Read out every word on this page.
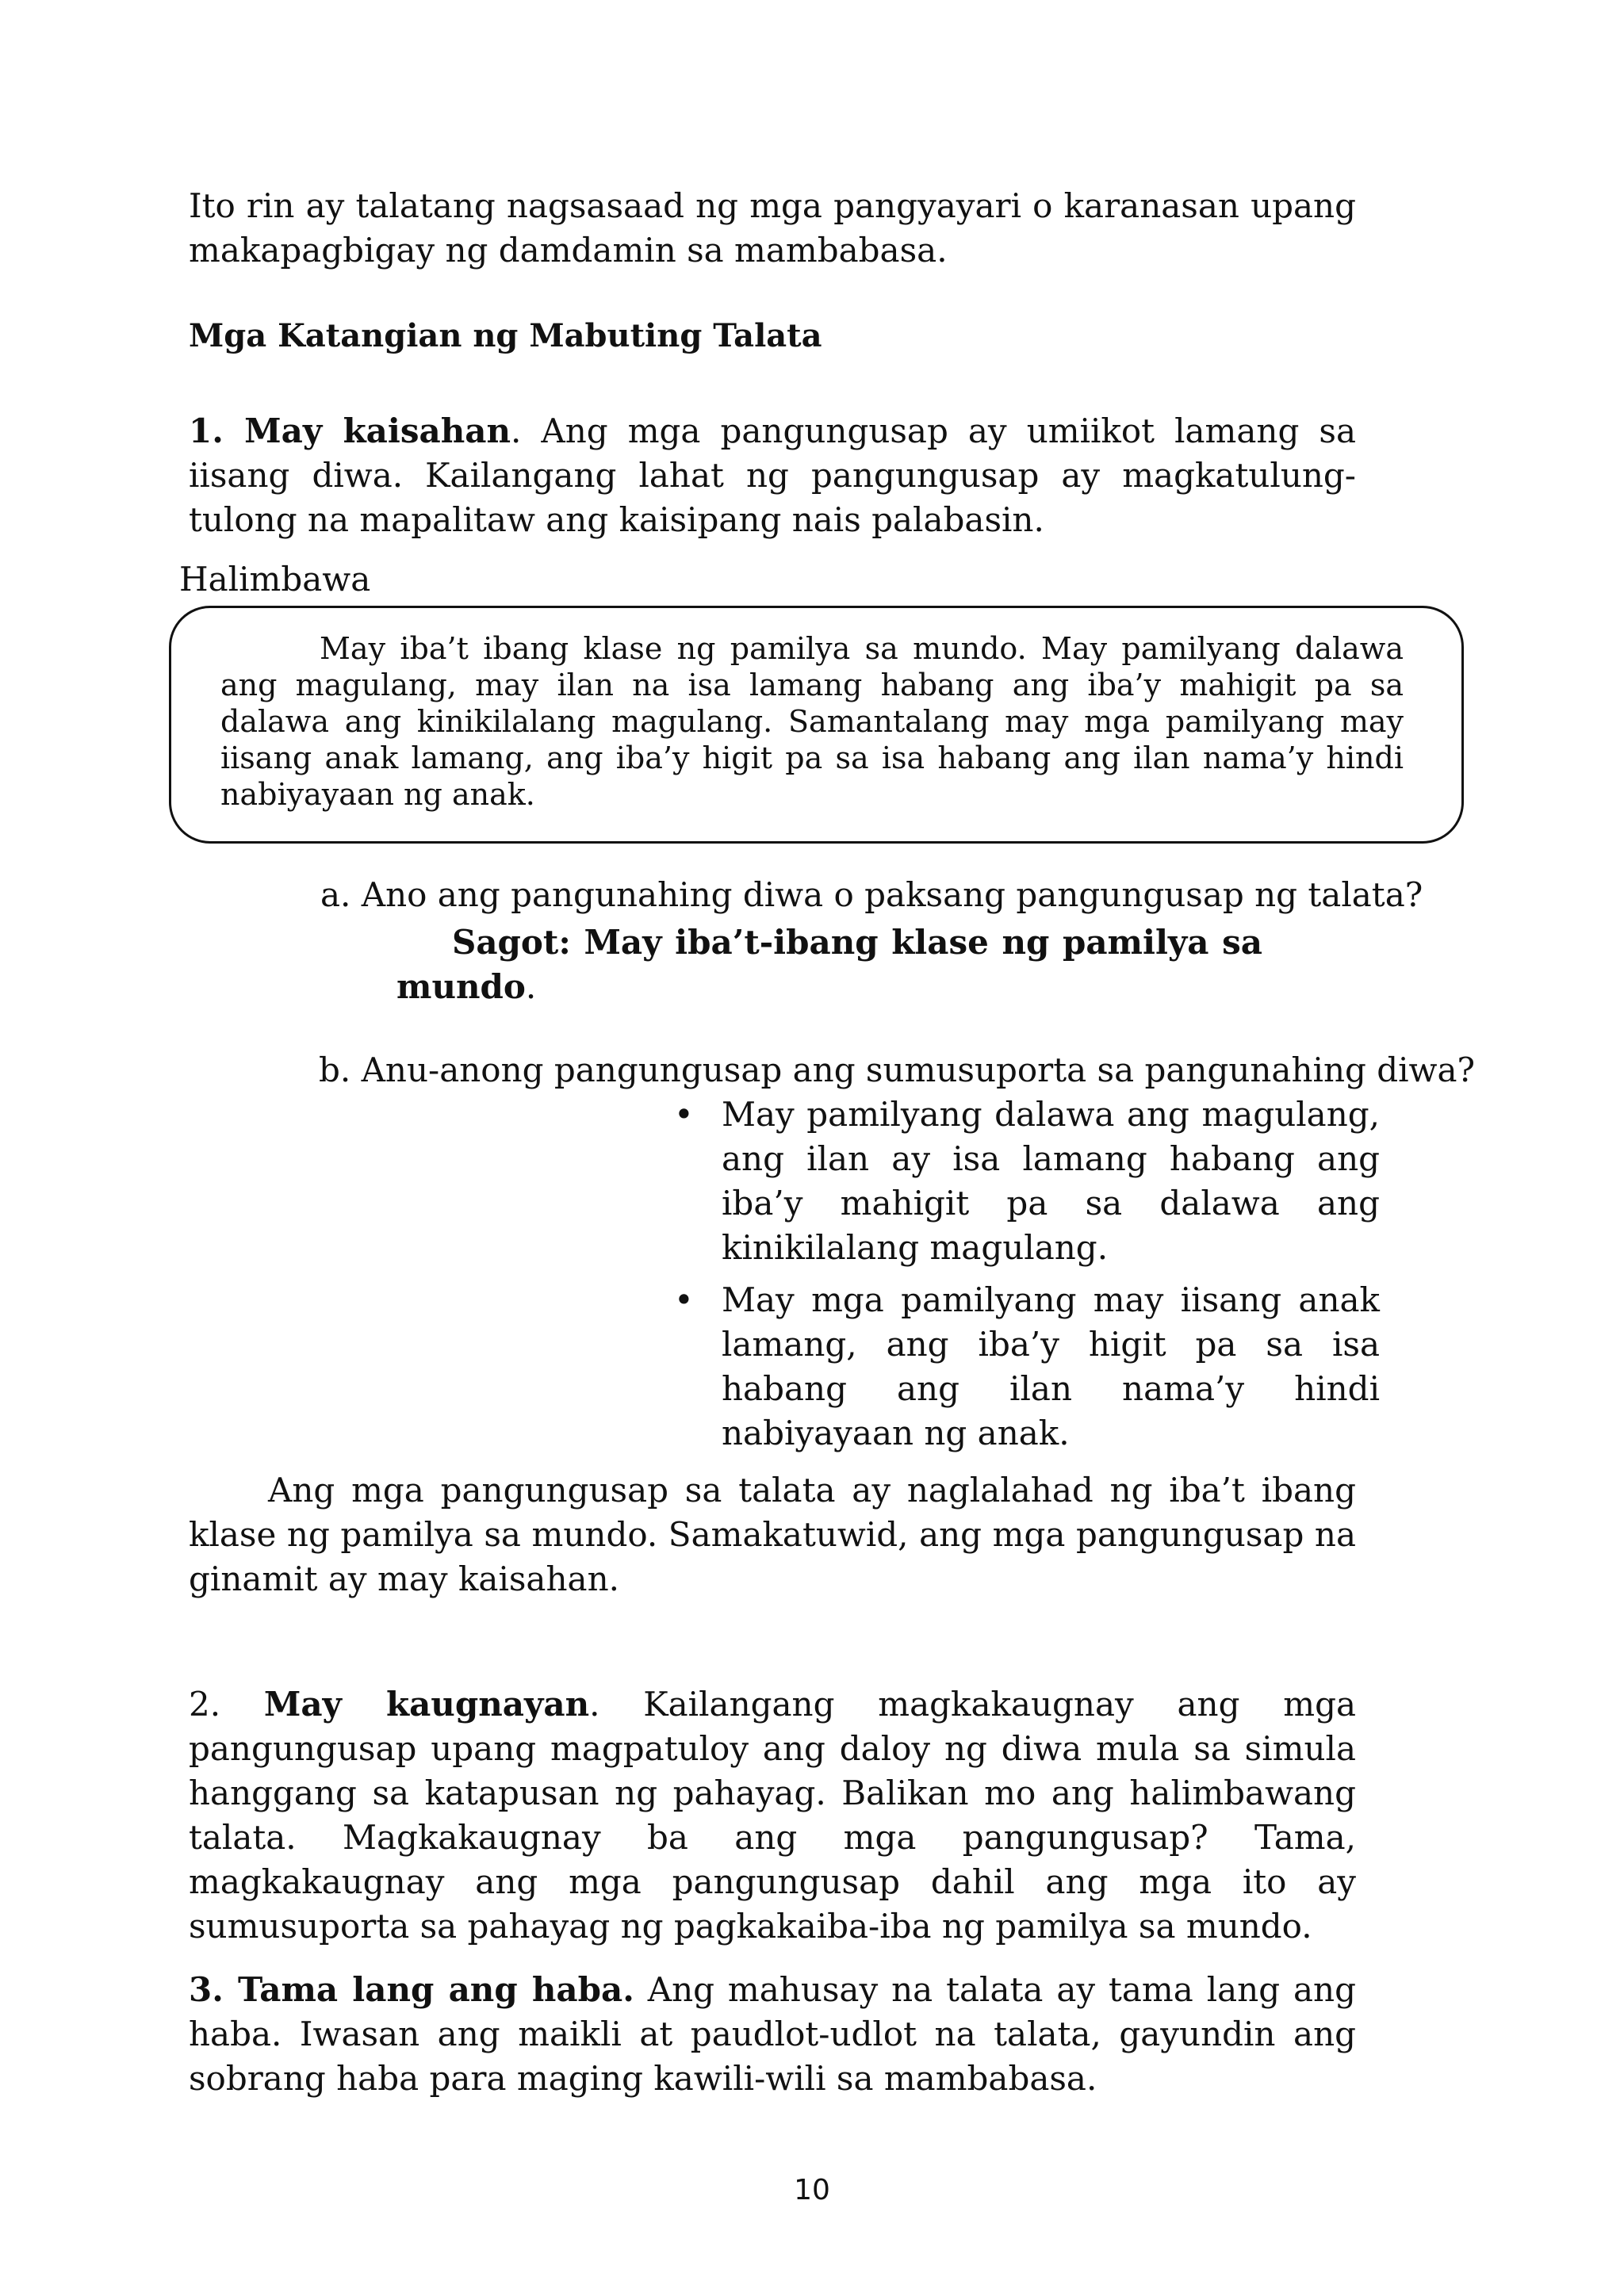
Ito rin ay talatang nagsasaad ng mga pangyayari o karanasan upang makapagbigay ng damdamin sa mambabasa.

Mga Katangian ng Mabuting Talata

1. May kaisahan. Ang mga pangungusap ay umiikot lamang sa iisang diwa. Kailangang lahat ng pangungusap ay magkatulung-tulong na mapalitaw ang kaisipang nais palabasin.

Halimbawa

May iba’t ibang klase ng pamilya sa mundo. May pamilyang dalawa ang magulang, may ilan na isa lamang habang ang iba’y mahigit pa sa dalawa ang kinikilalang magulang. Samantalang may mga pamilyang may iisang anak lamang, ang iba’y higit pa sa isa habang ang ilan nama’y hindi nabiyayaan ng anak.

a. Ano ang pangunahing diwa o paksang pangungusap ng talata?

Sagot: May iba’t-ibang klase ng pamilya sa mundo.

b. Anu-anong pangungusap ang sumusuporta sa pangunahing diwa?

• May pamilyang dalawa ang magulang, ang ilan ay isa lamang habang ang iba’y mahigit pa sa dalawa ang kinikilalang magulang.
• May mga pamilyang may iisang anak lamang, ang iba’y higit pa sa isa habang ang ilan nama’y hindi nabiyayaan ng anak.

Ang mga pangungusap sa talata ay naglalahad ng iba’t ibang klase ng pamilya sa mundo. Samakatuwid, ang mga pangungusap na ginamit ay may kaisahan.

2. May kaugnayan. Kailangang magkakaugnay ang mga pangungusap upang magpatuloy ang daloy ng diwa mula sa simula hanggang sa katapusan ng pahayag. Balikan mo ang halimbawang talata. Magkakaugnay ba ang mga pangungusap? Tama, magkakaugnay ang mga pangungusap dahil ang mga ito ay sumusuporta sa pahayag ng pagkakaiba-iba ng pamilya sa mundo.

3. Tama lang ang haba. Ang mahusay na talata ay tama lang ang haba. Iwasan ang maikli at paudlot-udlot na talata, gayundin ang sobrang haba para maging kawili-wili sa mambabasa.

10
